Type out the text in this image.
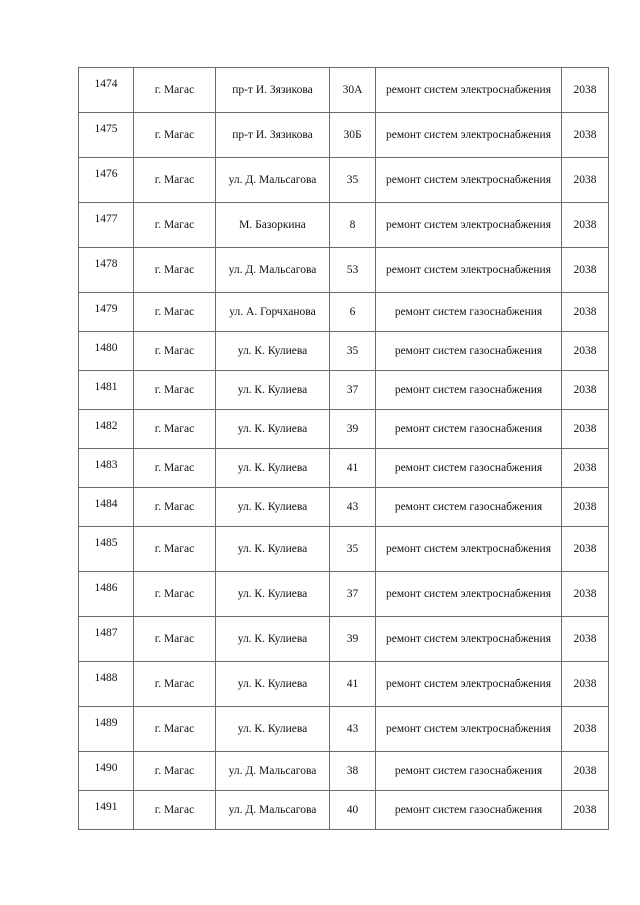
1474	г. Магас	пр-т И. Зязикова	30А	ремонт систем электроснабжения	2038
1475	г. Магас	пр-т И. Зязикова	30Б	ремонт систем электроснабжения	2038
1476	г. Магас	ул. Д. Мальсагова	35	ремонт систем электроснабжения	2038
1477	г. Магас	М. Базоркина	8	ремонт систем электроснабжения	2038
1478	г. Магас	ул. Д. Мальсагова	53	ремонт систем электроснабжения	2038
1479	г. Магас	ул. А. Горчханова	6	ремонт систем газоснабжения	2038
1480	г. Магас	ул. К. Кулиева	35	ремонт систем газоснабжения	2038
1481	г. Магас	ул. К. Кулиева	37	ремонт систем газоснабжения	2038
1482	г. Магас	ул. К. Кулиева	39	ремонт систем газоснабжения	2038
1483	г. Магас	ул. К. Кулиева	41	ремонт систем газоснабжения	2038
1484	г. Магас	ул. К. Кулиева	43	ремонт систем газоснабжения	2038
1485	г. Магас	ул. К. Кулиева	35	ремонт систем электроснабжения	2038
1486	г. Магас	ул. К. Кулиева	37	ремонт систем электроснабжения	2038
1487	г. Магас	ул. К. Кулиева	39	ремонт систем электроснабжения	2038
1488	г. Магас	ул. К. Кулиева	41	ремонт систем электроснабжения	2038
1489	г. Магас	ул. К. Кулиева	43	ремонт систем электроснабжения	2038
1490	г. Магас	ул. Д. Мальсагова	38	ремонт систем газоснабжения	2038
1491	г. Магас	ул. Д. Мальсагова	40	ремонт систем газоснабжения	2038
